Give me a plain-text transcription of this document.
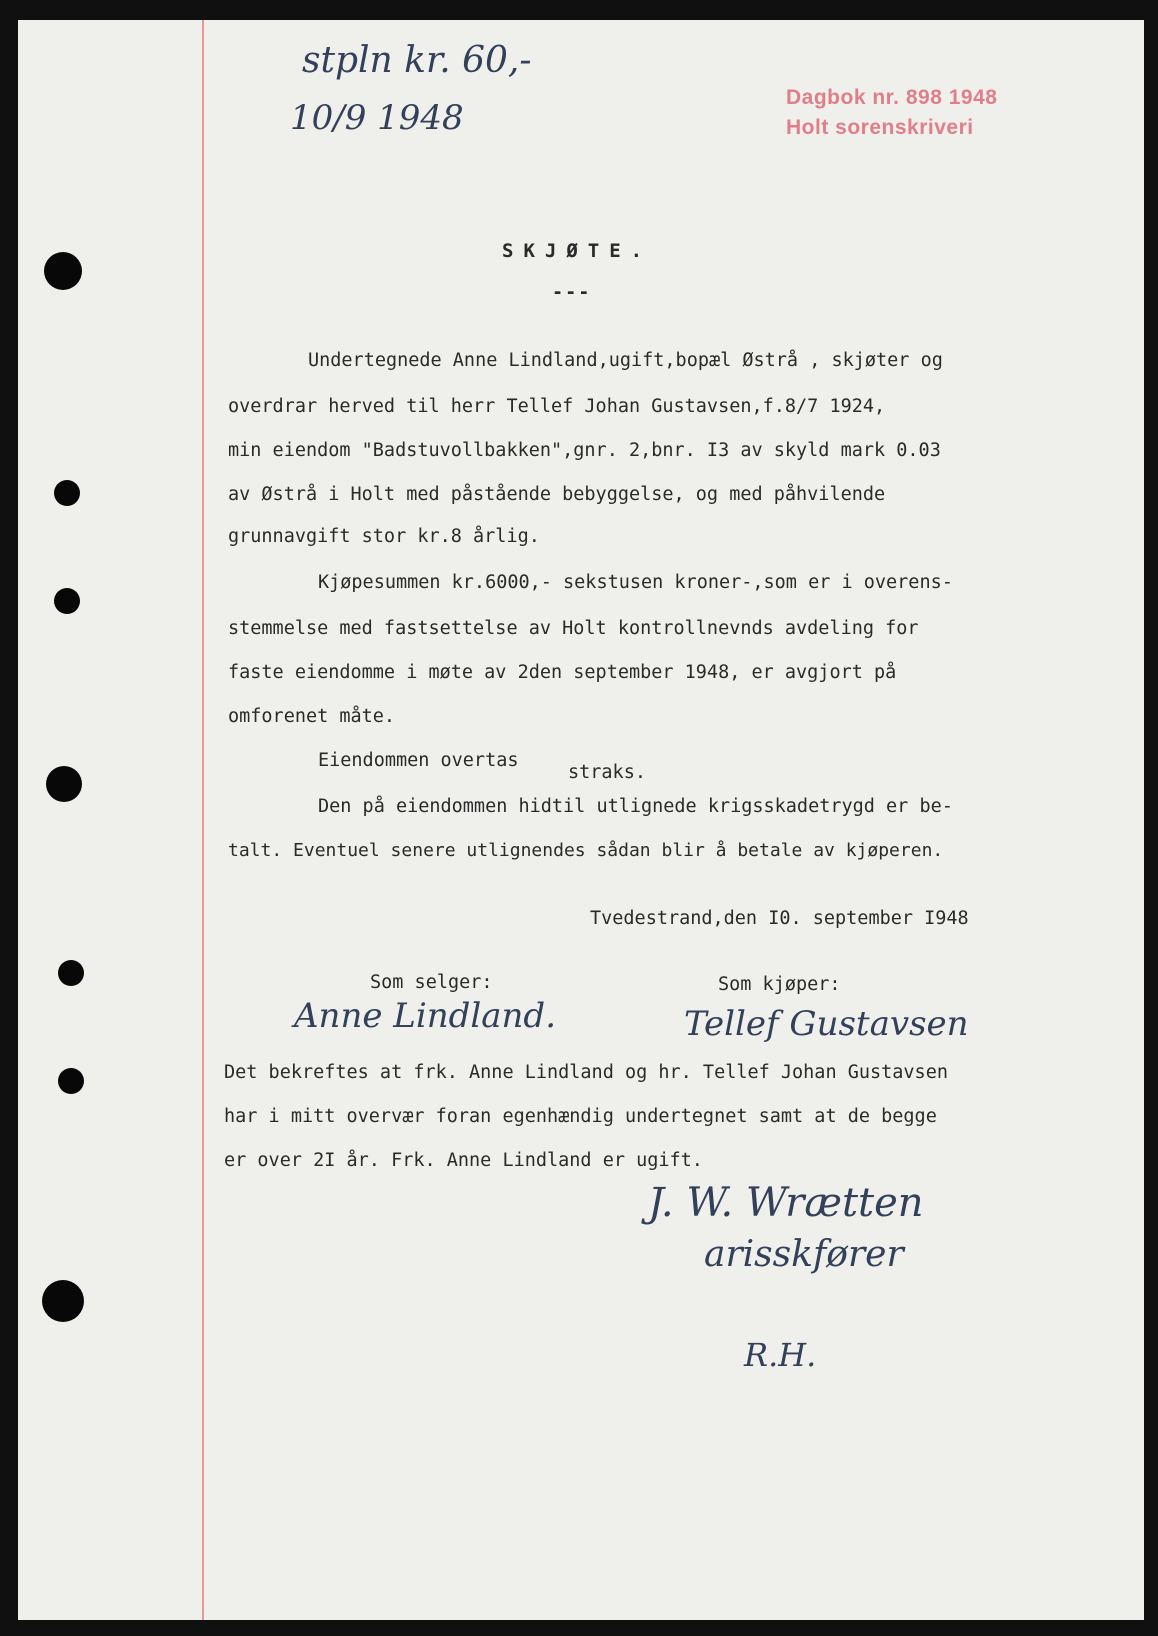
stpln kr. 60,-
10/9 1948
Dagbok nr. 898 1948
Holt sorenskriveri
SKJØTE.
---
Undertegnede Anne Lindland,ugift,bopæl Østrå , skjøter og
overdrar herved til herr Tellef Johan Gustavsen,f.8/7 1924,
min eiendom "Badstuvollbakken",gnr. 2,bnr. I3 av skyld mark 0.03
av Østrå i Holt med påstående bebyggelse, og med påhvilende
grunnavgift stor kr.8 årlig.
Kjøpesummen kr.6000,- sekstusen kroner-,som er i overens-
stemmelse med fastsettelse av Holt kontrollnevnds avdeling for
faste eiendomme i møte av 2den september 1948, er avgjort på
omforenet måte.
Eiendommen overtas
straks.
Den på eiendommen hidtil utlignede krigsskadetrygd er be-
talt. Eventuel senere utlignendes sådan blir å betale av kjøperen.
Tvedestrand,den I0. september I948
Som selger:	Som kjøper:
Anne Lindland.	Tellef Gustavsen
Det bekreftes at frk. Anne Lindland og hr. Tellef Johan Gustavsen
har i mitt overvær foran egenhændig undertegnet samt at de begge
er over 2I år. Frk. Anne Lindland er ugift.
J. W. Wrætten
arisskfører
R.H.
